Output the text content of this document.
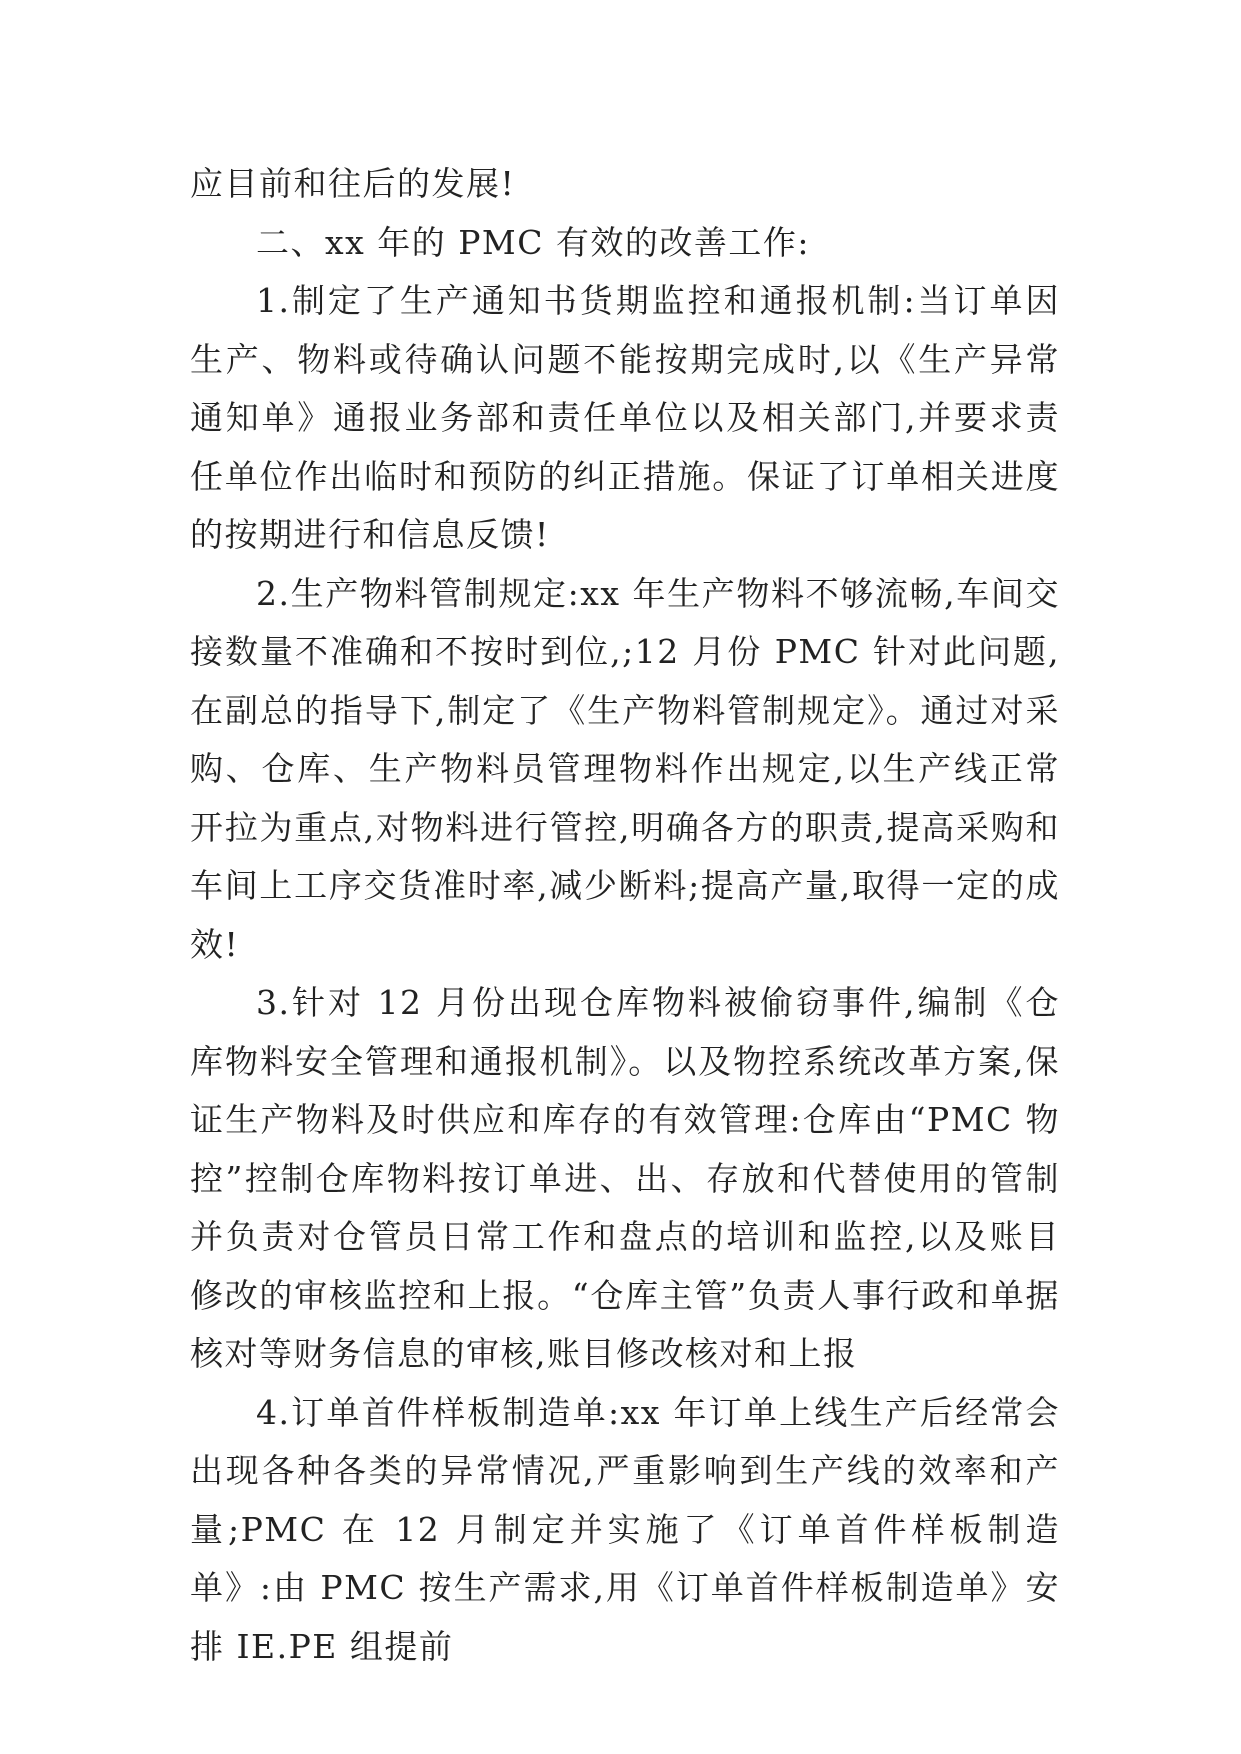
应目前和往后的发展!

二、xx 年的 PMC 有效的改善工作:

1.制定了生产通知书货期监控和通报机制:当订单因生产、物料或待确认问题不能按期完成时,以《生产异常通知单》通报业务部和责任单位以及相关部门,并要求责任单位作出临时和预防的纠正措施。保证了订单相关进度的按期进行和信息反馈!

2.生产物料管制规定:xx 年生产物料不够流畅,车间交接数量不准确和不按时到位,;12 月份 PMC 针对此问题,在副总的指导下,制定了《生产物料管制规定》。通过对采购、仓库、生产物料员管理物料作出规定,以生产线正常开拉为重点,对物料进行管控,明确各方的职责,提高采购和车间上工序交货准时率,减少断料;提高产量,取得一定的成效!

3.针对 12 月份出现仓库物料被偷窃事件,编制《仓库物料安全管理和通报机制》。以及物控系统改革方案,保证生产物料及时供应和库存的有效管理:仓库由“PMC 物控”控制仓库物料按订单进、出、存放和代替使用的管制并负责对仓管员日常工作和盘点的培训和监控,以及账目修改的审核监控和上报。“仓库主管”负责人事行政和单据核对等财务信息的审核,账目修改核对和上报

4.订单首件样板制造单:xx 年订单上线生产后经常会出现各种各类的异常情况,严重影响到生产线的效率和产量;PMC 在 12 月制定并实施了《订单首件样板制造单》:由 PMC 按生产需求,用《订单首件样板制造单》安排 IE.PE 组提前
